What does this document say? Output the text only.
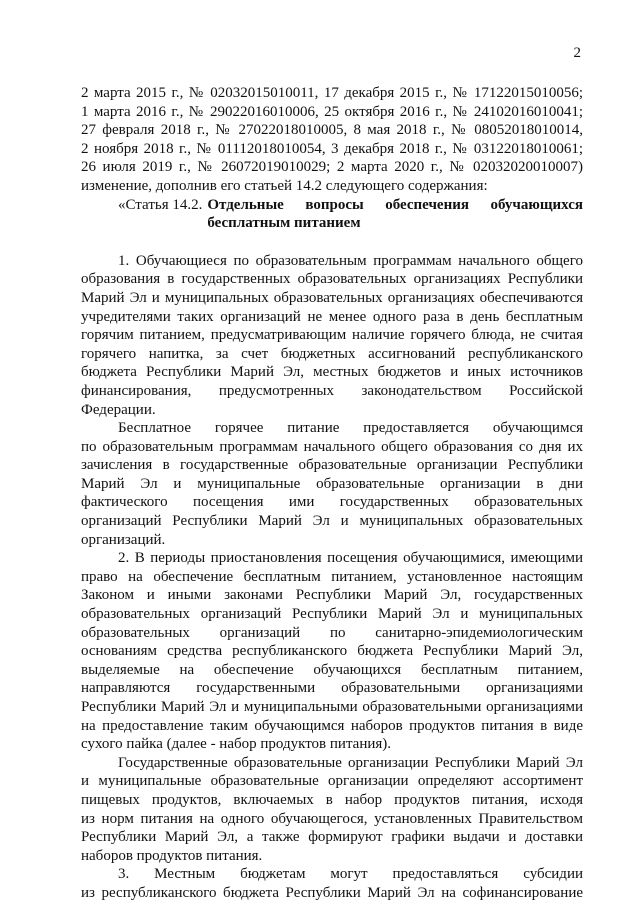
2
2 марта 2015 г., № 02032015010011, 17 декабря 2015 г., № 17122015010056;
1 марта 2016 г., № 29022016010006, 25 октября 2016 г., № 24102016010041;
27 февраля 2018 г., № 27022018010005, 8 мая 2018 г., № 08052018010014,
2 ноября 2018 г., № 01112018010054, 3 декабря 2018 г., № 03122018010061;
26 июля 2019 г., № 26072019010029; 2 марта 2020 г., № 02032020010007)
изменение, дополнив его статьей 14.2 следующего содержания:
«Статья 14.2. Отдельные вопросы обеспечения обучающихся
бесплатным питанием
1. Обучающиеся по образовательным программам начального общего
образования в государственных образовательных организациях Республики
Марий Эл и муниципальных образовательных организациях обеспечиваются
учредителями таких организаций не менее одного раза в день бесплатным
горячим питанием, предусматривающим наличие горячего блюда, не считая
горячего напитка, за счет бюджетных ассигнований республиканского
бюджета Республики Марий Эл, местных бюджетов и иных источников
финансирования, предусмотренных законодательством Российской
Федерации.
Бесплатное горячее питание предоставляется обучающимся
по образовательным программам начального общего образования со дня их
зачисления в государственные образовательные организации Республики
Марий Эл и муниципальные образовательные организации в дни
фактического посещения ими государственных образовательных
организаций Республики Марий Эл и муниципальных образовательных
организаций.
2. В периоды приостановления посещения обучающимися, имеющими
право на обеспечение бесплатным питанием, установленное настоящим
Законом и иными законами Республики Марий Эл, государственных
образовательных организаций Республики Марий Эл и муниципальных
образовательных организаций по санитарно-эпидемиологическим
основаниям средства республиканского бюджета Республики Марий Эл,
выделяемые на обеспечение обучающихся бесплатным питанием,
направляются государственными образовательными организациями
Республики Марий Эл и муниципальными образовательными организациями
на предоставление таким обучающимся наборов продуктов питания в виде
сухого пайка (далее - набор продуктов питания).
Государственные образовательные организации Республики Марий Эл
и муниципальные образовательные организации определяют ассортимент
пищевых продуктов, включаемых в набор продуктов питания, исходя
из норм питания на одного обучающегося, установленных Правительством
Республики Марий Эл, а также формируют графики выдачи и доставки
наборов продуктов питания.
3. Местным бюджетам могут предоставляться субсидии
из республиканского бюджета Республики Марий Эл на софинансирование
